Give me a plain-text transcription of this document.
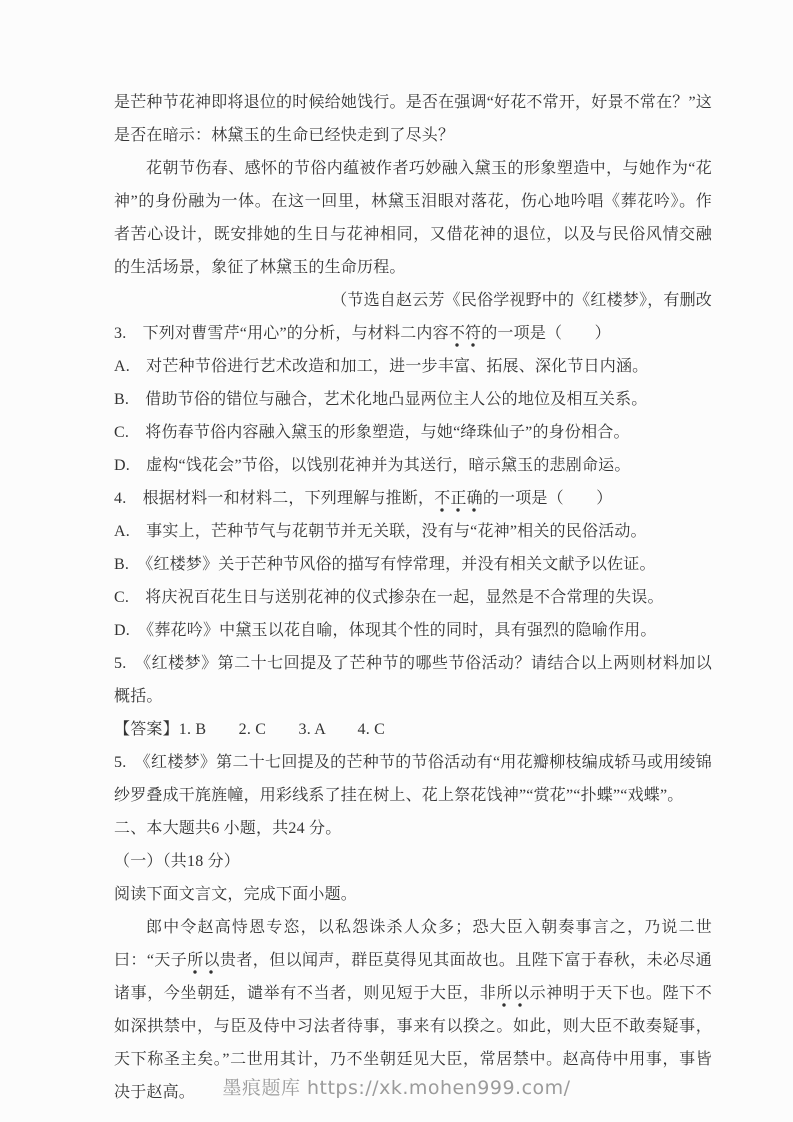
是芒种节花神即将退位的时候给她饯行。是否在强调“好花不常开，好景不常在？”这是否在暗示：林黛玉的生命已经快走到了尽头？

花朝节伤春、感怀的节俗内蕴被作者巧妙融入黛玉的形象塑造中，与她作为“花神”的身份融为一体。在这一回里，林黛玉泪眼对落花，伤心地吟唱《葬花吟》。作者苦心设计，既安排她的生日与花神相同，又借花神的退位，以及与民俗风情交融的生活场景，象征了林黛玉的生命历程。

（节选自赵云芳《民俗学视野中的《红楼梦》，有删改

3.　下列对曹雪芹“用心”的分析，与材料二内容不符的一项是（　　）

A.　对芒种节俗进行艺术改造和加工，进一步丰富、拓展、深化节日内涵。

B.　借助节俗的错位与融合，艺术化地凸显两位主人公的地位及相互关系。

C.　将伤春节俗内容融入黛玉的形象塑造，与她“绛珠仙子”的身份相合。

D.　虚构“饯花会”节俗，以饯别花神并为其送行，暗示黛玉的悲剧命运。

4.　根据材料一和材料二，下列理解与推断，不正确的一项是（　　）

A.　事实上，芒种节气与花朝节并无关联，没有与“花神”相关的民俗活动。

B.　《红楼梦》关于芒种节风俗的描写有悖常理，并没有相关文献予以佐证。

C.　将庆祝百花生日与送别花神的仪式掺杂在一起，显然是不合常理的失误。

D.　《葬花吟》中黛玉以花自喻，体现其个性的同时，具有强烈的隐喻作用。

5.　《红楼梦》第二十七回提及了芒种节的哪些节俗活动？请结合以上两则材料加以概括。

【答案】1. B　　2. C　　3. A　　4. C

5.　《红楼梦》第二十七回提及的芒种节的节俗活动有“用花瓣柳枝编成轿马或用绫锦纱罗叠成干旄旌幢，用彩线系了挂在树上、花上祭花饯神”“赏花”“扑蝶”“戏蝶”。

二、本大题共6 小题，共24 分。

（一）（共18 分）

阅读下面文言文，完成下面小题。

郎中令赵高恃恩专恣，以私怨诛杀人众多；恐大臣入朝奏事言之，乃说二世曰：“天子所以贵者，但以闻声，群臣莫得见其面故也。且陛下富于春秋，未必尽通诸事，今坐朝廷，谴举有不当者，则见短于大臣，非所以示神明于天下也。陛下不如深拱禁中，与臣及侍中习法者待事，事来有以揆之。如此，则大臣不敢奏疑事，天下称圣主矣。”二世用其计，乃不坐朝廷见大臣，常居禁中。赵高侍中用事，事皆决于赵高。	墨痕题库 https://xk.mohen999.com/
